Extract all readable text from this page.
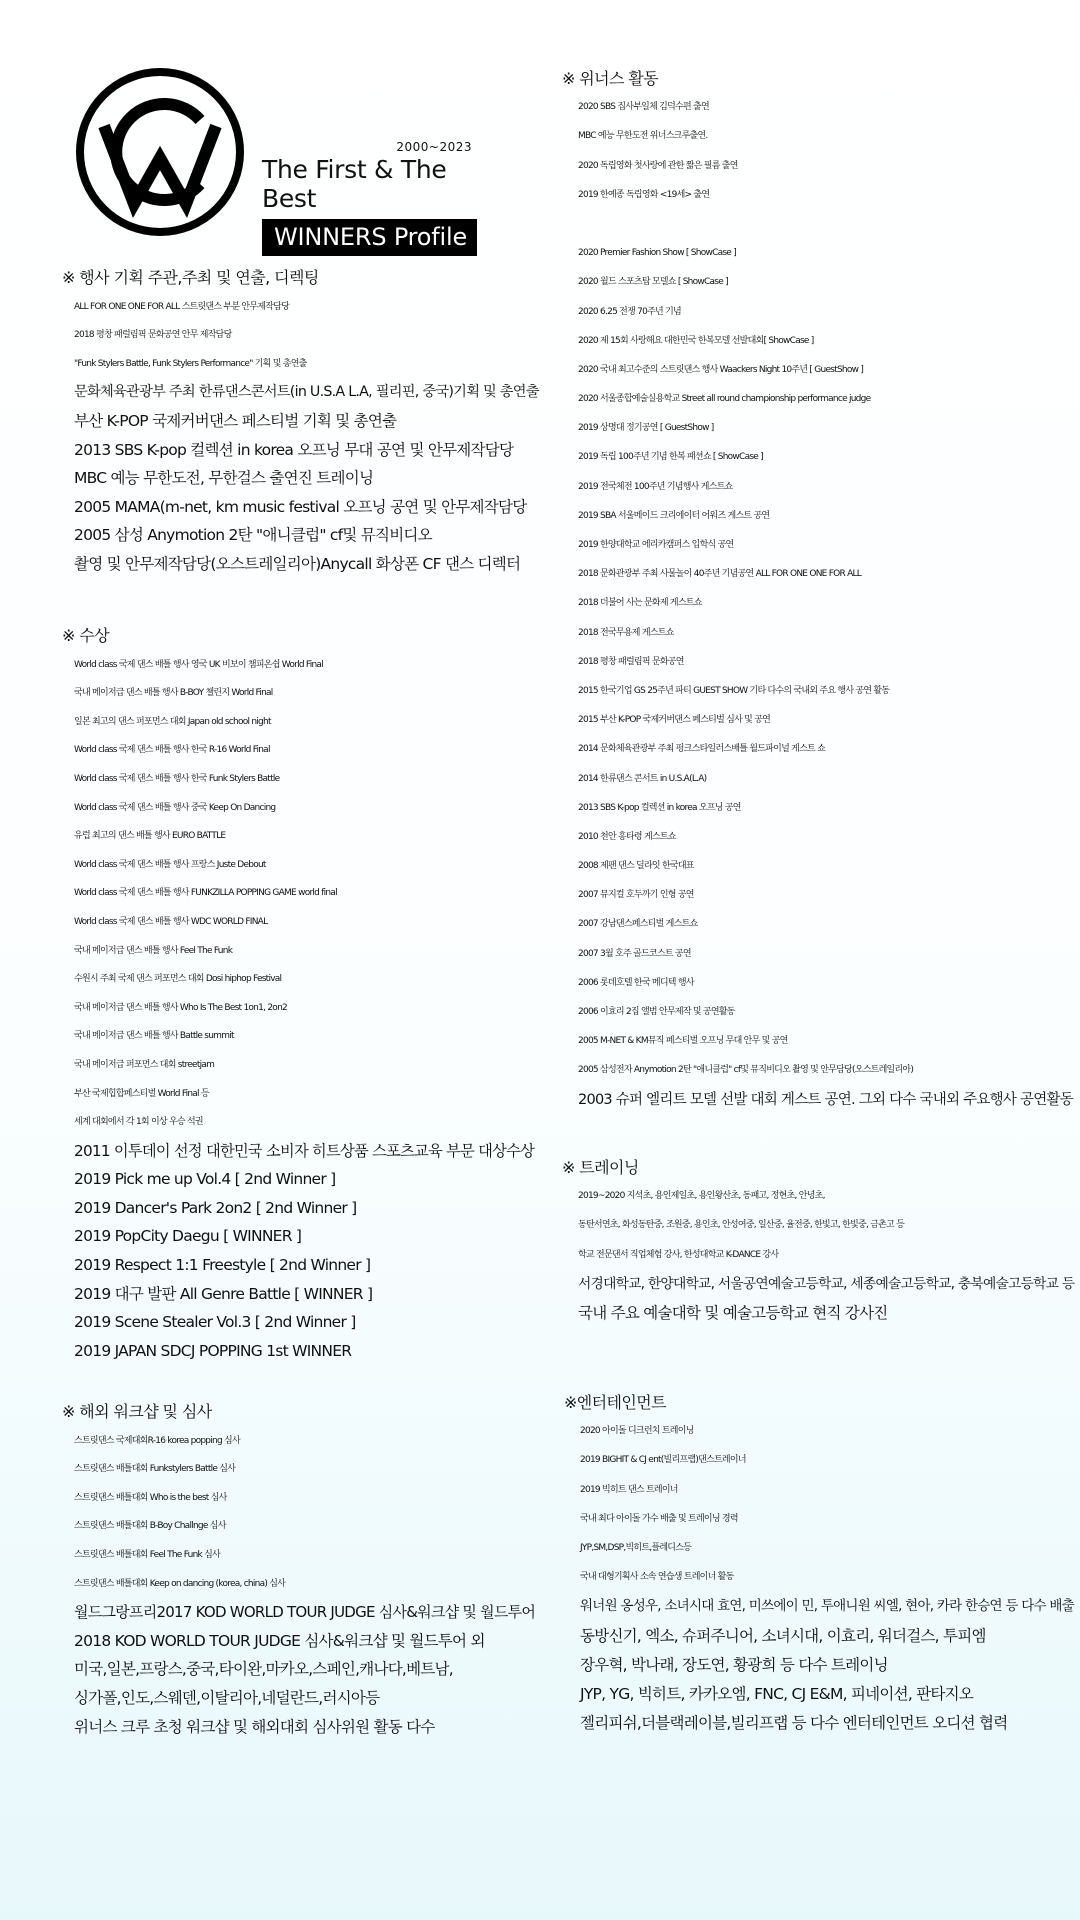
2000~2023
The First & The Best
WINNERS Profile
※ 행사 기획 주관,주최 및 연출, 디렉팅
ALL FOR ONE ONE FOR ALL 스트릿댄스 부분 안무제작담당
2018 평창 패럴림픽 문화공연 안무 제작담당
"Funk Stylers Battle, Funk Stylers Performance" 기획 및 총연출
문화체육관광부 주최 한류댄스콘서트(in U.S.A L.A, 필리핀, 중국)기획 및 총연출
부산 K-POP 국제커버댄스 페스티벌 기획 및 총연출
2013 SBS K-pop 컬렉션 in korea 오프닝 무대 공연 및 안무제작담당
MBC 예능 무한도전, 무한걸스 출연진 트레이닝
2005 MAMA(m-net, km music festival 오프닝 공연 및 안무제작담당
2005 삼성 Anymotion 2탄 "애니클럽" cf및 뮤직비디오
촬영 및 안무제작담당(오스트레일리아)Anycall 화상폰 CF 댄스 디렉터
※ 수상
World class 국제 댄스 배틀 행사 영국 UK 비보이 챔피온쉽 World Final
국내 메이저급 댄스 배틀 행사 B-BOY 챌린지 World Final
일본 최고의 댄스 퍼포먼스 대회 Japan old school night
World class 국제 댄스 배틀 행사 한국 R-16 World Final
World class 국제 댄스 배틀 행사 한국 Funk Stylers Battle
World class 국제 댄스 배틀 행사 중국 Keep On Dancing
유럽 최고의 댄스 배틀 행사 EURO BATTLE
World class 국제 댄스 배틀 행사 프랑스 Juste Debout
World class 국제 댄스 배틀 행사 FUNKZILLA POPPING GAME world final
World class 국제 댄스 배틀 행사 WDC WORLD FINAL
국내 메이저급 댄스 배틀 행사 Feel The Funk
수원시 주최 국제 댄스 퍼포먼스 대회 Dosi hiphop Festival
국내 메이저급 댄스 배틀 행사 Who Is The Best 1on1, 2on2
국내 메이저급 댄스 배틀 행사 Battle summit
국내 메이저급 퍼포먼스 대회 streetjam
부산 국제힙합페스티벌 World Final 등
세계 대회에서 각 1회 이상 우승 석권
2011 이투데이 선정 대한민국 소비자 히트상품 스포츠교육 부문 대상수상
2019 Pick me up Vol.4 [ 2nd Winner ]
2019 Dancer's Park 2on2 [ 2nd Winner ]
2019 PopCity Daegu [ WINNER ]
2019 Respect 1:1 Freestyle [ 2nd Winner ]
2019 대구 발판 All Genre Battle [ WINNER ]
2019 Scene Stealer Vol.3 [ 2nd Winner ]
2019 JAPAN SDCJ POPPING 1st WINNER
※ 해외 워크샵 및 심사
스트릿댄스 국제대회R-16 korea popping 심사
스트릿댄스 배틀대회 Funkstylers Battle 심사
스트릿댄스 배틀대회 Who is the best 심사
스트릿댄스 배틀대회 B-Boy Challnge 심사
스트릿댄스 배틀대회 Feel The Funk 심사
스트릿댄스 배틀대회 Keep on dancing (korea, china) 심사
월드그랑프리2017 KOD WORLD TOUR JUDGE 심사&워크샵 및 월드투어
2018 KOD WORLD TOUR JUDGE 심사&워크샵 및 월드투어 외
미국,일본,프랑스,중국,타이완,마카오,스페인,캐나다,베트남,
싱가폴,인도,스웨덴,이탈리아,네덜란드,러시아등
위너스 크루 초청 워크샵 및 해외대회 심사위원 활동 다수
※ 위너스 활동
2020 SBS 집사부일체 김덕수편 출연
MBC 예능 무한도전 위너스크루출연.
2020 독립영화 첫사랑에 관한 짧은 필름 출연
2019 한예종 독립영화 <19세> 출연
2020 Premier Fashion Show [ ShowCase ]
2020 월드 스포츠탑 모델쇼 [ ShowCase ]
2020 6.25 전쟁 70주년 기념
2020 제 15회 사랑해요 대한민국 한복모델 선발대회[ ShowCase ]
2020 국내 최고수준의 스트릿댄스 행사 Waackers Night 10주년 [ GuestShow ]
2020 서울종합예술실용학교 Street all round championship performance judge
2019 상명대 정기공연 [ GuestShow ]
2019 독립 100주년 기념 한복 패션쇼 [ ShowCase ]
2019 전국체전 100주년 기념행사 게스트쇼
2019 SBA 서울메이드 크리에이터 어워즈 게스트 공연
2019 한양대학교 에리카캠퍼스 입학식 공연
2018 문화관광부 주최 사물놀이 40주년 기념공연 ALL FOR ONE ONE FOR ALL
2018 더불어 사는 문화제 게스트쇼
2018 전국무용제 게스트쇼
2018 평창 패럴림픽 문화공연
2015 한국기업 GS 25주년 파티 GUEST SHOW 기타 다수의 국내외 주요 행사 공연 활동
2015 부산 K-POP 국제커버댄스 페스티벌 심사 및 공연
2014 문화체육관광부 주최 펑크스타일러스배틀 월드파이널 게스트 쇼
2014 한류댄스 콘서트 in U.S.A(L.A)
2013 SBS K-pop 컬렉션 in korea 오프닝 공연
2010 천안 흥타령 게스트쇼
2008 제팬 댄스 딜라잇 한국대표
2007 뮤지컬 호두까기 인형 공연
2007 강남댄스페스티벌 게스트쇼
2007 3월 호주 골드코스트 공연
2006 롯데호텔 한국 메디텍 행사
2006 이효리 2집 앨범 안무제작 및 공연활동
2005 M-NET & KM뮤직 페스티벌 오프닝 무대 안무 및 공연
2005 삼성전자 Anymotion 2탄 "애니클럽" cf및 뮤직비디오 촬영 및 안무담당(오스트레일리아)
2003 슈퍼 엘리트 모델 선발 대회 게스트 공연. 그외 다수 국내외 주요행사 공연활동
※ 트레이닝
2019~2020 지석초, 용인제일초, 용인왕산초, 동패고, 정현초, 안녕초,
동탄서연초, 화성동탄중, 조원중, 용인초, 안성여중, 일산중, 율전중, 한빛고, 한빛중, 금촌고 등
학교 전문댄서 직업체험 강사, 한성대학교 K-DANCE 강사
서경대학교, 한양대학교, 서울공연예술고등학교, 세종예술고등학교, 충북예술고등학교 등
국내 주요 예술대학 및 예술고등학교 현직 강사진
※엔터테인먼트
2020 아이돌 디크런치 트레이닝
2019 BIGHIT & CJ ent(빌리프랩)댄스트레이너
2019 빅히트 댄스 트레이너
국내 최다 아이돌 가수 배출 및 트레이닝 경력
JYP,SM,DSP,빅히트,플레디스등
국내 대형기획사 소속 연습생 트레이너 활동
워너원 옹성우, 소녀시대 효연, 미쓰에이 민, 투애니원 씨엘, 현아, 카라 한승연 등 다수 배출
동방신기, 엑소, 슈퍼주니어, 소녀시대, 이효리, 워더걸스, 투피엠
장우혁, 박나래, 장도연, 황광희 등 다수 트레이닝
JYP, YG, 빅히트, 카카오엠, FNC, CJ E&M, 피네이션, 판타지오
젤리피쉬,더블랙레이블,빌리프랩 등 다수 엔터테인먼트 오디션 협력
